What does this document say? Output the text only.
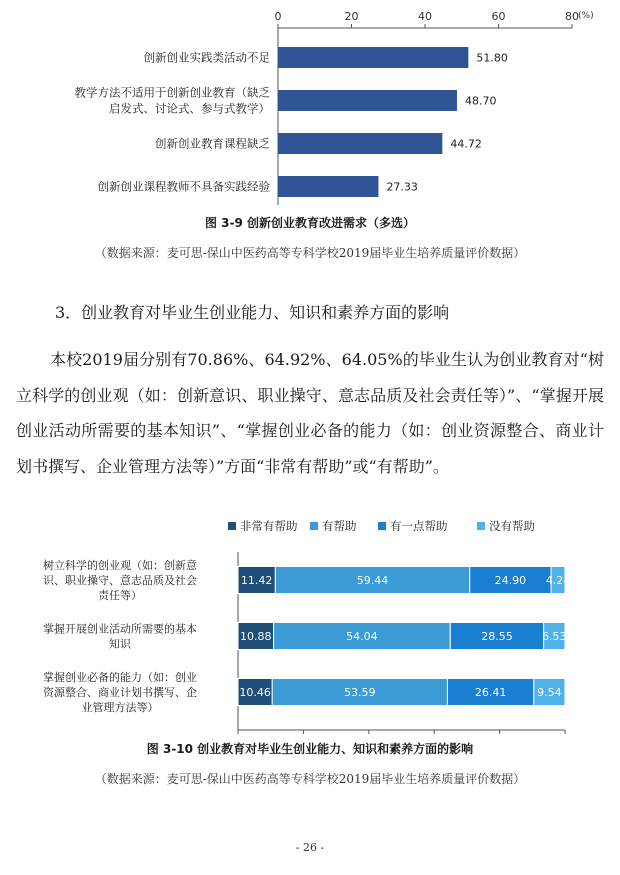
0	20	40	60	80 (%)
51.80
创新创业实践类活动不足
48.70
教学方法不适用于创新创业教育（缺乏
启发式、讨论式、参与式教学）
44.72
创新创业教育课程缺乏
27.33
创新创业课程教师不具备实践经验
图 3-9 创新创业教育改进需求（多选）
（数据来源：麦可思-保山中医药高等专科学校2019届毕业生培养质量评价数据）
3．创业教育对毕业生创业能力、知识和素养方面的影响
本校2019届分别有70.86%、64.92%、64.05%的毕业生认为创业教育对“树立科学的创业观（如：创新意识、职业操守、意志品质及社会责任等）”、“掌握开展创业活动所需要的基本知识”、“掌握创业必备的能力（如：创业资源整合、商业计划书撰写、企业管理方法等）”方面“非常有帮助”或“有帮助”。
非常有帮助 有帮助	有一点帮助	没有帮助
11.42	59.44	24.90 4.24
树立科学的创业观（如：创新意
识、职业操守、意志品质及社会
责任等）
10.88	54.04	28.55	6.53
掌握开展创业活动所需要的基本
知识
10.46	53.59	26.41	9.54
掌握创业必备的能力（如：创业
资源整合、商业计划书撰写、企
业管理方法等）
图 3-10 创业教育对毕业生创业能力、知识和素养方面的影响
（数据来源：麦可思-保山中医药高等专科学校2019届毕业生培养质量评价数据）
- 26 -
